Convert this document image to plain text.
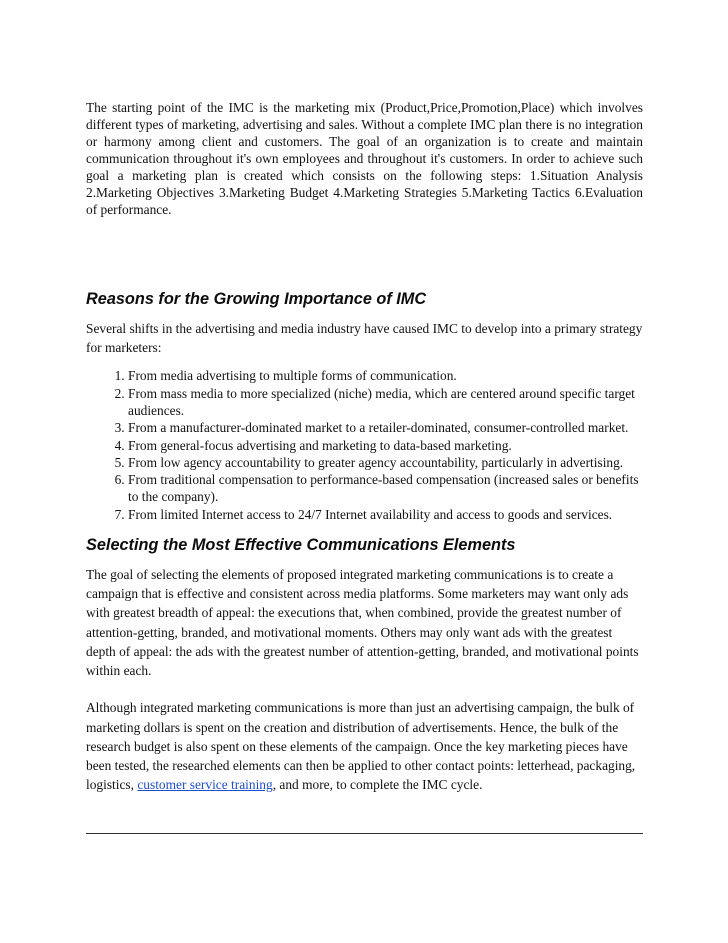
The starting point of the IMC is the marketing mix (Product,Price,Promotion,Place) which involves different types of marketing, advertising and sales. Without a complete IMC plan there is no integration or harmony among client and customers. The goal of an organization is to create and maintain communication throughout it's own employees and throughout it's customers. In order to achieve such goal a marketing plan is created which consists on the following steps: 1.Situation Analysis 2.Marketing Objectives 3.Marketing Budget 4.Marketing Strategies 5.Marketing Tactics 6.Evaluation of performance.

Reasons for the Growing Importance of IMC

Several shifts in the advertising and media industry have caused IMC to develop into a primary strategy for marketers:

1. From media advertising to multiple forms of communication.
2. From mass media to more specialized (niche) media, which are centered around specific target audiences.
3. From a manufacturer-dominated market to a retailer-dominated, consumer-controlled market.
4. From general-focus advertising and marketing to data-based marketing.
5. From low agency accountability to greater agency accountability, particularly in advertising.
6. From traditional compensation to performance-based compensation (increased sales or benefits to the company).
7. From limited Internet access to 24/7 Internet availability and access to goods and services.
Selecting the Most Effective Communications Elements

The goal of selecting the elements of proposed integrated marketing communications is to create a campaign that is effective and consistent across media platforms. Some marketers may want only ads with greatest breadth of appeal: the executions that, when combined, provide the greatest number of attention-getting, branded, and motivational moments. Others may only want ads with the greatest depth of appeal: the ads with the greatest number of attention-getting, branded, and motivational points within each.

Although integrated marketing communications is more than just an advertising campaign, the bulk of marketing dollars is spent on the creation and distribution of advertisements. Hence, the bulk of the research budget is also spent on these elements of the campaign. Once the key marketing pieces have been tested, the researched elements can then be applied to other contact points: letterhead, packaging, logistics, customer service training, and more, to complete the IMC cycle.
